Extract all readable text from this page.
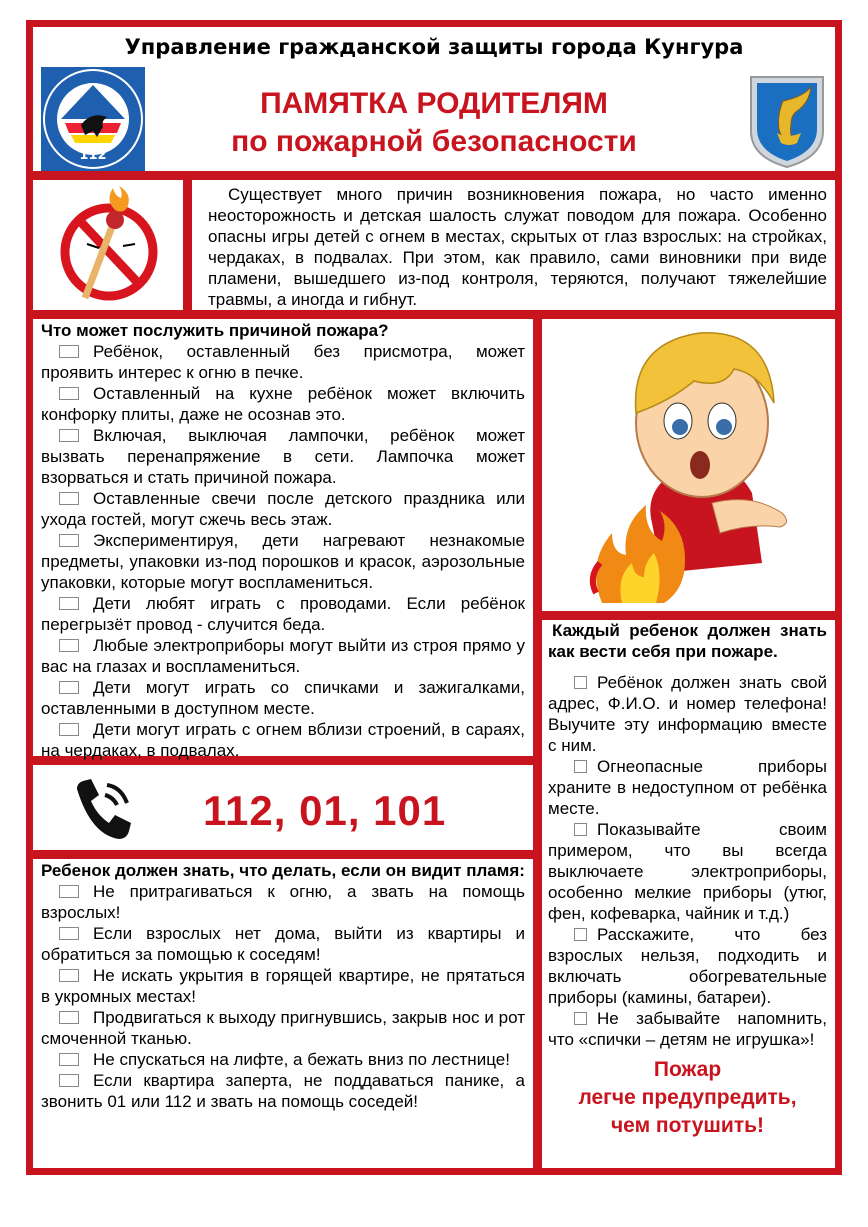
Управление гражданской защиты города Кунгура
112
ПАМЯТКА РОДИТЕЛЯМ
по пожарной безопасности
Существует много причин возникновения пожара, но часто именно неосторожность и детская шалость служат поводом для пожара. Особенно опасны игры детей с огнем в местах, скрытых от глаз взрослых: на стройках, чердаках, в подвалах. При этом, как правило, сами виновники при виде пламени, вышедшего из-под контроля, теряются, получают тяжелейшие травмы, а иногда и гибнут.
Что может послужить причиной пожара?
Ребёнок, оставленный без присмотра, может проявить интерес к огню в печке.
Оставленный на кухне ребёнок может включить конфорку плиты, даже не осознав это.
Включая, выключая лампочки, ребёнок может вызвать перенапряжение в сети. Лампочка может взорваться и стать причиной пожара.
Оставленные свечи после детского праздника или ухода гостей, могут сжечь весь этаж.
Экспериментируя, дети нагревают незнакомые предметы, упаковки из-под порошков и красок, аэрозольные упаковки, которые могут воспламениться.
Дети любят играть с проводами. Если ребёнок перегрызёт провод - случится беда.
Любые электроприборы могут выйти из строя прямо у вас на глазах и воспламениться.
Дети могут играть со спичками и зажигалками, оставленными в доступном месте.
Дети могут играть с огнем вблизи строений, в сараях, на чердаках, в подвалах.
112, 01, 101
Ребенок должен знать, что делать, если он видит пламя:
Не притрагиваться к огню, а звать на помощь взрослых!
Если взрослых нет дома, выйти из квартиры и обратиться за помощью к соседям!
Не искать укрытия в горящей квартире, не прятаться в укромных местах!
Продвигаться к выходу пригнувшись, закрыв нос и рот смоченной тканью.
Не спускаться на лифте, а бежать вниз по лестнице!
Если квартира заперта, не поддаваться панике, а звонить 01 или 112 и звать на помощь соседей!
Каждый ребенок должен знать как вести себя при пожаре.
Ребёнок должен знать свой адрес, Ф.И.О. и номер телефона! Выучите эту информацию вместе с ним.
Огнеопасные приборы храните в недоступном от ребёнка месте.
Показывайте своим примером, что вы всегда выключаете электроприборы, особенно мелкие приборы (утюг, фен, кофеварка, чайник и т.д.)
Расскажите, что без взрослых нельзя, подходить и включать обогревательные приборы (камины, батареи).
Не забывайте напомнить, что «спички – детям не игрушка»!
Пожар
легче предупредить,
чем потушить!
